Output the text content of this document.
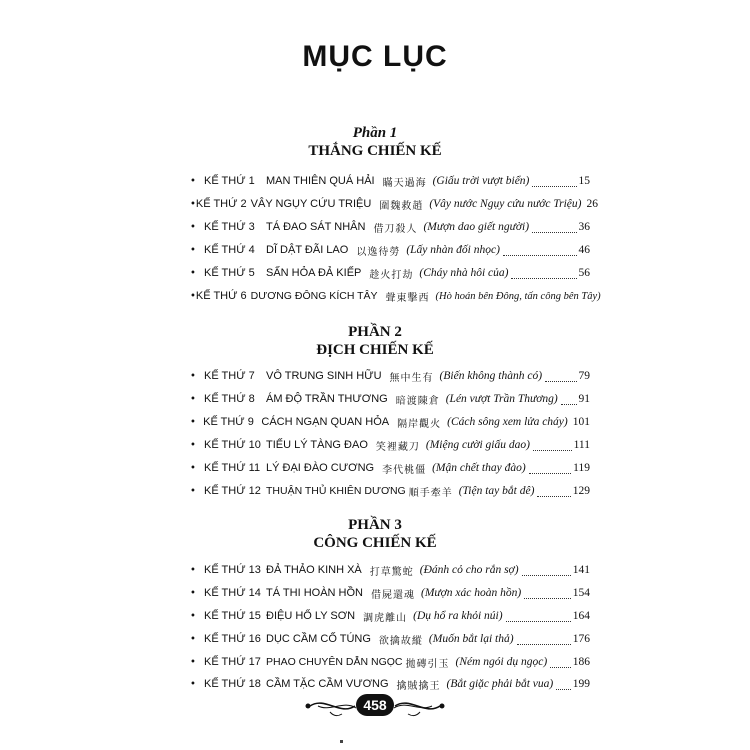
MỤC LỤC
Phần 1
THẮNG CHIẾN KẾ
• KẾ THỨ 1	MAN THIÊN QUÁ HẢI 瞞天過海 (Giấu trời vượt biển)	15
• KẾ THỨ 2 VÂY NGỤY CỨU TRIỆU 圍魏救趙 (Vây nước Ngụy cứu nước Triệu) 26
• KẾ THỨ 3	TÁ ĐAO SÁT NHÂN 借刀殺人 (Mượn dao giết người)	36
• KẾ THỨ 4	DĨ DẬT ĐÃI LAO 以逸待勞 (Lấy nhàn đối nhọc)	46
• KẾ THỨ 5	SẤN HỎA ĐẢ KIẾP 趁火打劫 (Cháy nhà hôi của)	56
• KẾ THỨ 6 DƯƠNG ĐÔNG KÍCH TÂY 聲東擊西 (Hò hoán bên Đông, tấn công bên Tây)
PHẦN 2
ĐỊCH CHIẾN KẾ
• KẾ THỨ 7	VÔ TRUNG SINH HỮU 無中生有 (Biến không thành có)	79
• KẾ THỨ 8	ÁM ĐỘ TRẦN THƯƠNG 暗渡陳倉 (Lén vượt Trần Thương) 91
• KẾ THỨ 9 CÁCH NGẠN QUAN HỎA 隔岸觀火 (Cách sông xem lửa cháy) 101
• KẾ THỨ 10 TIẾU LÝ TÀNG ĐAO 笑裡藏刀 (Miệng cười giấu dao)	111
• KẾ THỨ 11 LÝ ĐẠI ĐÀO CƯƠNG 李代桃僵 (Mận chết thay đào)	119
• KẾ THỨ 12 THUẬN THỦ KHIÊN DƯƠNG 順手牽羊 (Tiện tay bắt dê)	129
PHẦN 3
CÔNG CHIẾN KẾ
• KẾ THỨ 13 ĐẢ THẢO KINH XÀ 打草驚蛇 (Đánh cỏ cho rắn sợ)	141
• KẾ THỨ 14 TÁ THI HOÀN HỒN 借屍還魂 (Mượn xác hoàn hồn)	154
• KẾ THỨ 15 ĐIỆU HỔ LY SƠN 調虎離山 (Dụ hổ ra khỏi núi)	164
• KẾ THỨ 16 DỤC CẦM CỐ TÚNG 欲擒故縱 (Muốn bắt lại thả)	176
• KẾ THỨ 17 PHAO CHUYÊN DẪN NGỌC 拋磚引玉 (Ném ngói dụ ngọc) 186
• KẾ THỨ 18 CẦM TẶC CẦM VƯƠNG 擒賊擒王 (Bắt giặc phải bắt vua) 199
458
